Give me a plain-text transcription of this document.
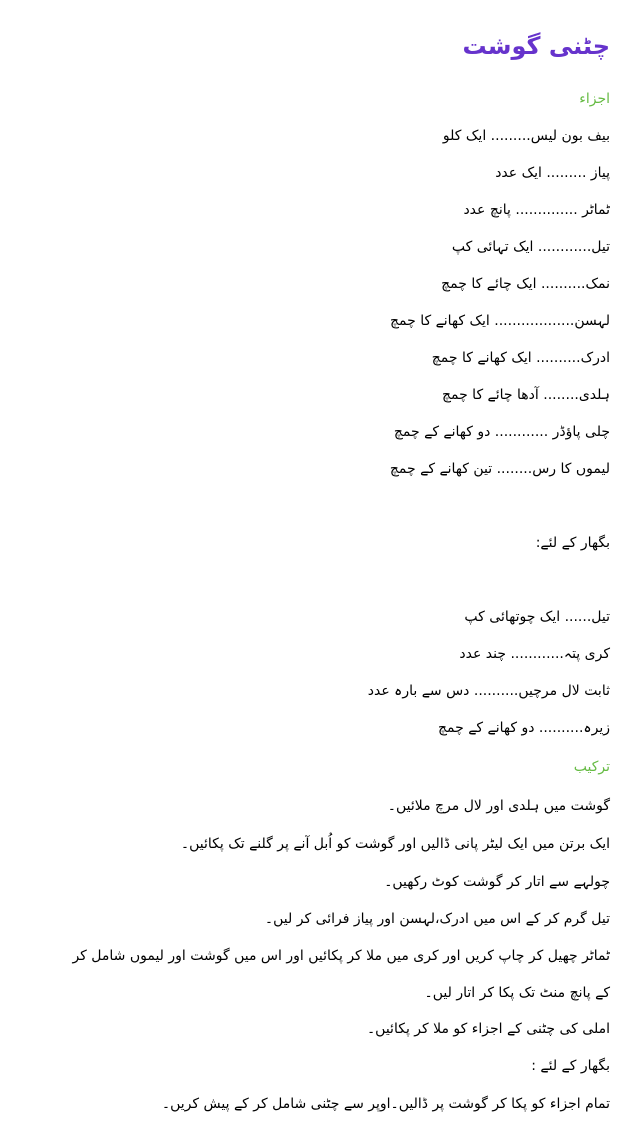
چٹنی گوشت
اجزاء
بیف بون لیس......... ایک کلو
پیاز ......... ایک عدد
ٹماٹر .............. پانچ عدد
تیل............ ایک تہائی کپ
نمک.......... ایک چائے کا چمچ
لہسن.................. ایک کھانے کا چمچ
ادرک.......... ایک کھانے کا چمچ
ہلدی........ آدھا چائے کا چمچ
چلی پاؤڈر ............ دو کھانے کے چمچ
لیموں کا رس........ تین کھانے کے چمچ
بگھار کے لئے:
تیل...... ایک چوتھائی کپ
کری پتہ............ چند عدد
ثابت لال مرچیں.......... دس سے بارہ عدد
زیرہ.......... دو کھانے کے چمچ
ترکیب
گوشت میں ہلدی اور لال مرچ ملائیں۔
ایک برتن میں ایک لیٹر پانی ڈالیں اور گوشت کو اُبل آنے پر گلنے تک پکائیں۔
چولہے سے اتار کر گوشت کوٹ رکھیں۔
تیل گرم کر کے اس میں ادرک،لہسن اور پیاز فرائی کر لیں۔
ٹماٹر چھیل کر چاپ کریں اور کری میں ملا کر پکائیں اور اس میں گوشت اور لیموں شامل کر
کے پانچ منٹ تک پکا کر اتار لیں۔
املی کی چٹنی کے اجزاء کو ملا کر پکائیں۔
بگھار کے لئے :
تمام اجزاء کو پکا کر گوشت پر ڈالیں۔اوپر سے چٹنی شامل کر کے پیش کریں۔
